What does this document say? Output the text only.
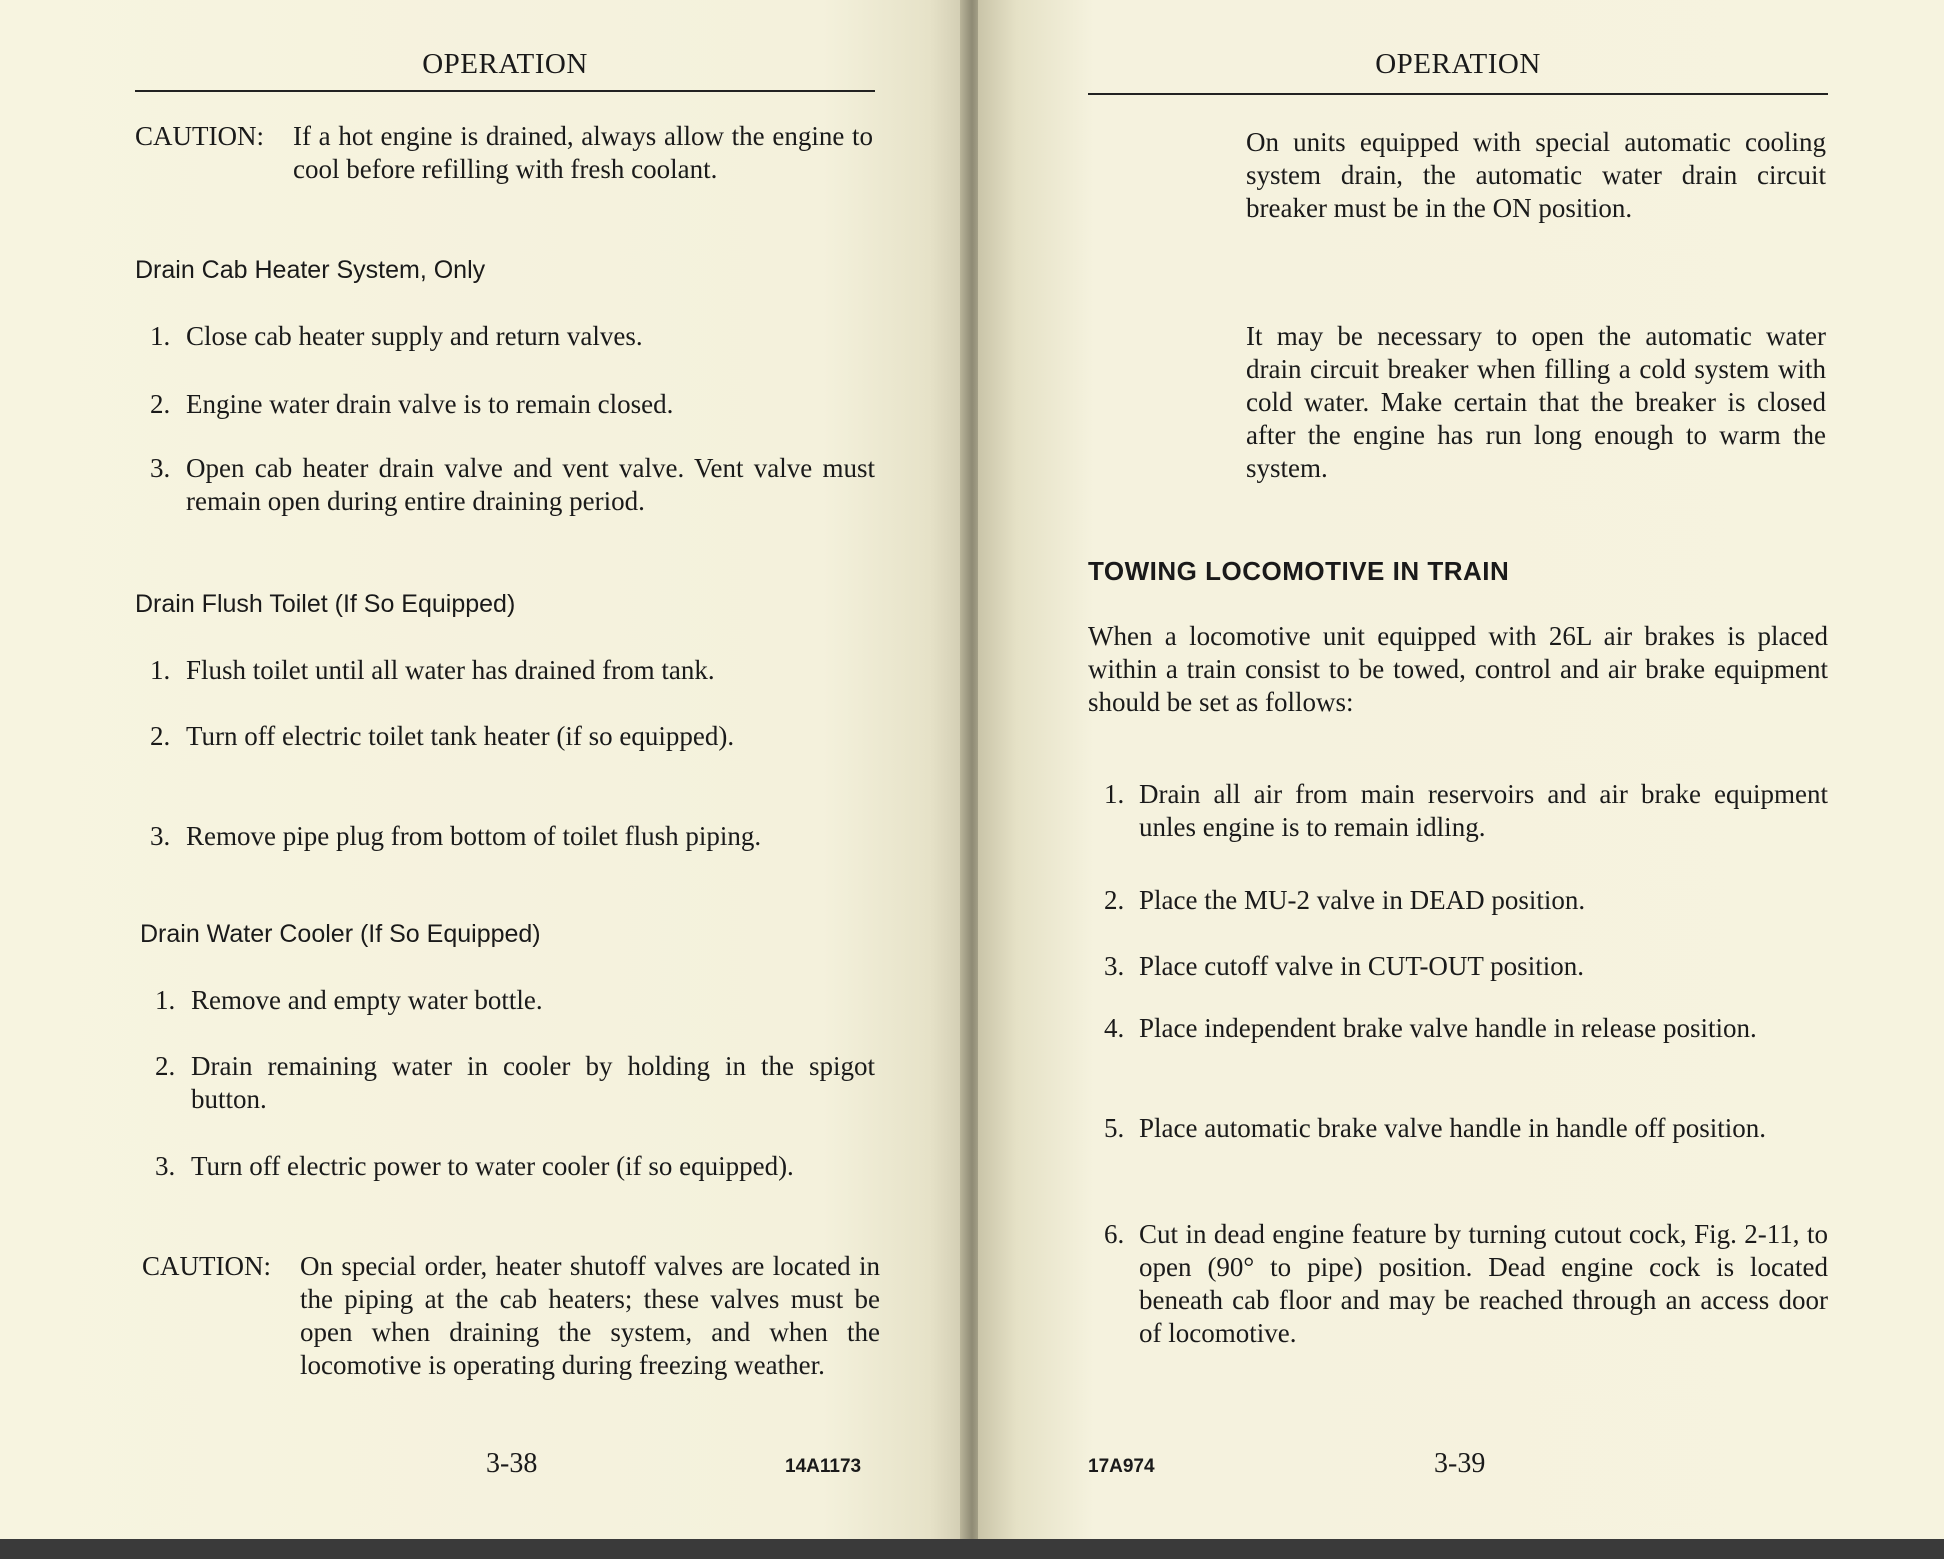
OPERATION
CAUTION: If a hot engine is drained, always allow the engine to cool before refilling with fresh coolant.
Drain Cab Heater System, Only
1. Close cab heater supply and return valves.
2. Engine water drain valve is to remain closed.
3. Open cab heater drain valve and vent valve. Vent valve must remain open during entire draining period.
Drain Flush Toilet (If So Equipped)
1. Flush toilet until all water has drained from tank.
2. Turn off electric toilet tank heater (if so equipped).
3. Remove pipe plug from bottom of toilet flush piping.
Drain Water Cooler (If So Equipped)
1. Remove and empty water bottle.
2. Drain remaining water in cooler by holding in the spigot button.
3. Turn off electric power to water cooler (if so equipped).
CAUTION: On special order, heater shutoff valves are located in the piping at the cab heaters; these valves must be open when draining the system, and when the locomotive is operating during freezing weather.
3-38	14A1173
OPERATION
On units equipped with special automatic cooling system drain, the automatic water drain circuit breaker must be in the ON position.
It may be necessary to open the automatic water drain circuit breaker when filling a cold system with cold water. Make certain that the breaker is closed after the engine has run long enough to warm the system.
TOWING LOCOMOTIVE IN TRAIN
When a locomotive unit equipped with 26L air brakes is placed within a train consist to be towed, control and air brake equipment should be set as follows:
1. Drain all air from main reservoirs and air brake equipment unles engine is to remain idling.
2. Place the MU-2 valve in DEAD position.
3. Place cutoff valve in CUT-OUT position.
4. Place independent brake valve handle in release position.
5. Place automatic brake valve handle in handle off position.
6. Cut in dead engine feature by turning cutout cock, Fig. 2-11, to open (90° to pipe) position. Dead engine cock is located beneath cab floor and may be reached through an access door of locomotive.
17A974	3-39
